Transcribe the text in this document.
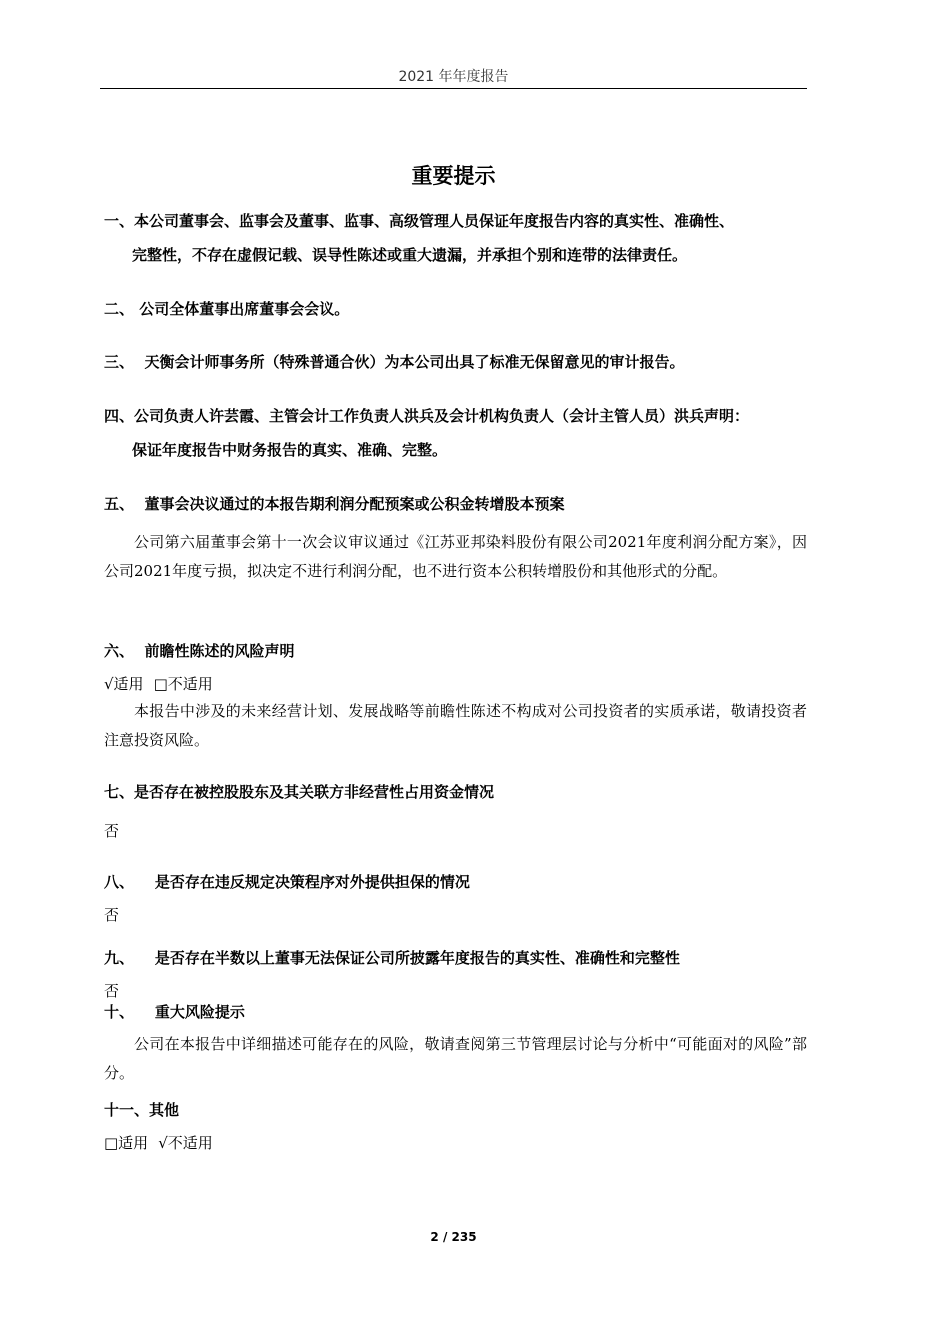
2021 年年度报告
重要提示
一、本公司董事会、监事会及董事、监事、高级管理人员保证年度报告内容的真实性、准确性、
完整性，不存在虚假记载、误导性陈述或重大遗漏，并承担个别和连带的法律责任。
二、 公司全体董事出席董事会会议。
三、 天衡会计师事务所（特殊普通合伙）为本公司出具了标准无保留意见的审计报告。
四、公司负责人许芸霞、主管会计工作负责人洪兵及会计机构负责人（会计主管人员）洪兵声明：
保证年度报告中财务报告的真实、准确、完整。
五、 董事会决议通过的本报告期利润分配预案或公积金转增股本预案
公司第六届董事会第十一次会议审议通过《江苏亚邦染料股份有限公司2021年度利润分配方案》，因公司2021年度亏损，拟决定不进行利润分配，也不进行资本公积转增股份和其他形式的分配。
六、 前瞻性陈述的风险声明
√适用 □不适用
本报告中涉及的未来经营计划、发展战略等前瞻性陈述不构成对公司投资者的实质承诺，敬请投资者注意投资风险。
七、是否存在被控股股东及其关联方非经营性占用资金情况
否
八、 是否存在违反规定决策程序对外提供担保的情况
否
九、 是否存在半数以上董事无法保证公司所披露年度报告的真实性、准确性和完整性
否
十、 重大风险提示
公司在本报告中详细描述可能存在的风险，敬请查阅第三节管理层讨论与分析中“可能面对的风险”部分。
十一、其他
□适用 √不适用
2 / 235
